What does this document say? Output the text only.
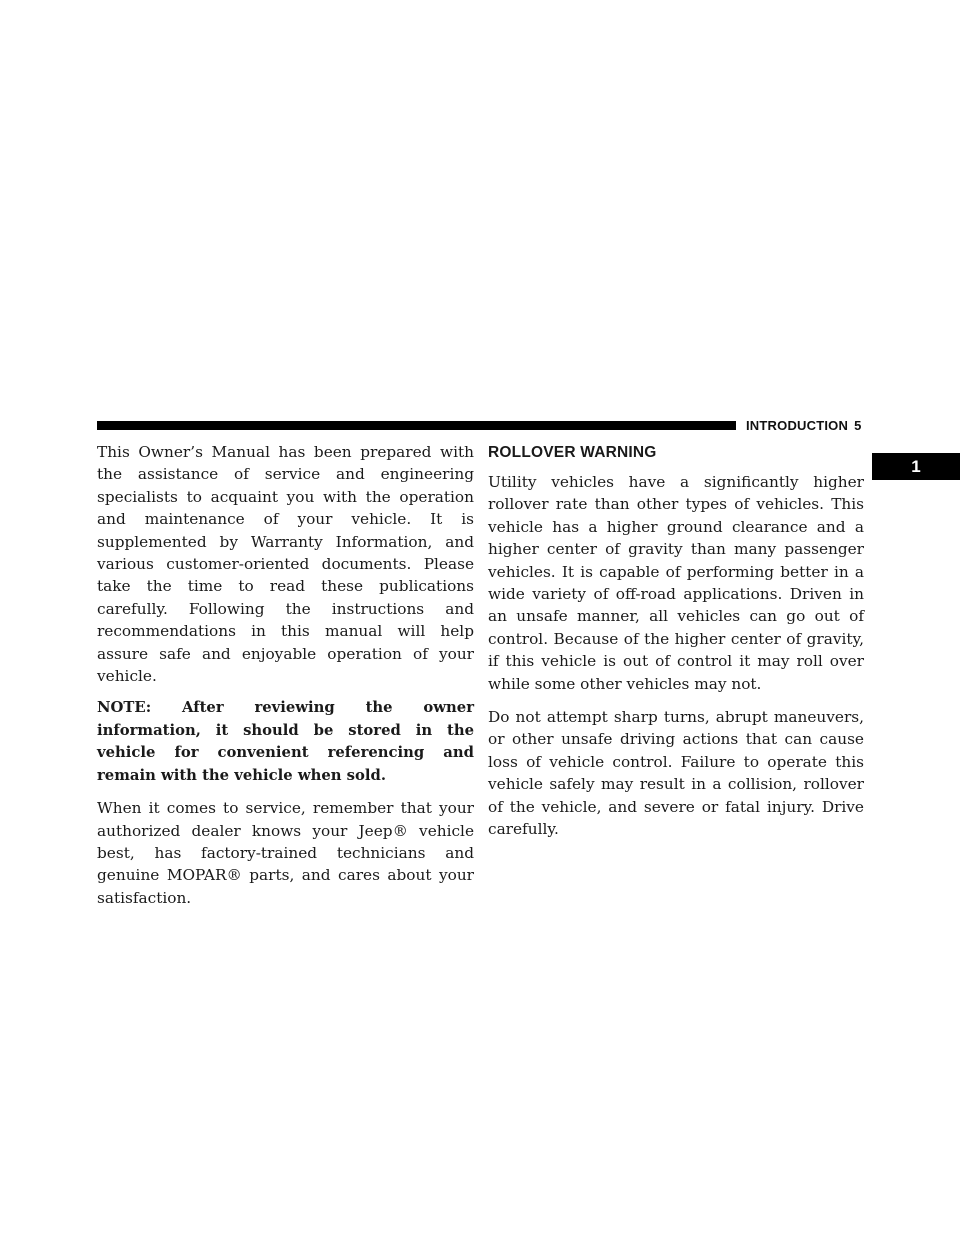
INTRODUCTION 5
1

This Owner’s Manual has been prepared with the assistance of service and engineering specialists to acquaint you with the operation and maintenance of your vehicle. It is supplemented by Warranty Information, and various customer-oriented documents. Please take the time to read these publications carefully. Following the instructions and recommendations in this manual will help assure safe and enjoyable operation of your vehicle.

NOTE: After reviewing the owner information, it should be stored in the vehicle for convenient referencing and remain with the vehicle when sold.

When it comes to service, remember that your authorized dealer knows your Jeep® vehicle best, has factory-trained technicians and genuine MOPAR® parts, and cares about your satisfaction.

ROLLOVER WARNING

Utility vehicles have a significantly higher rollover rate than other types of vehicles. This vehicle has a higher ground clearance and a higher center of gravity than many passenger vehicles. It is capable of performing better in a wide variety of off-road applications. Driven in an unsafe manner, all vehicles can go out of control. Because of the higher center of gravity, if this vehicle is out of control it may roll over while some other vehicles may not.

Do not attempt sharp turns, abrupt maneuvers, or other unsafe driving actions that can cause loss of vehicle control. Failure to operate this vehicle safely may result in a collision, rollover of the vehicle, and severe or fatal injury. Drive carefully.
